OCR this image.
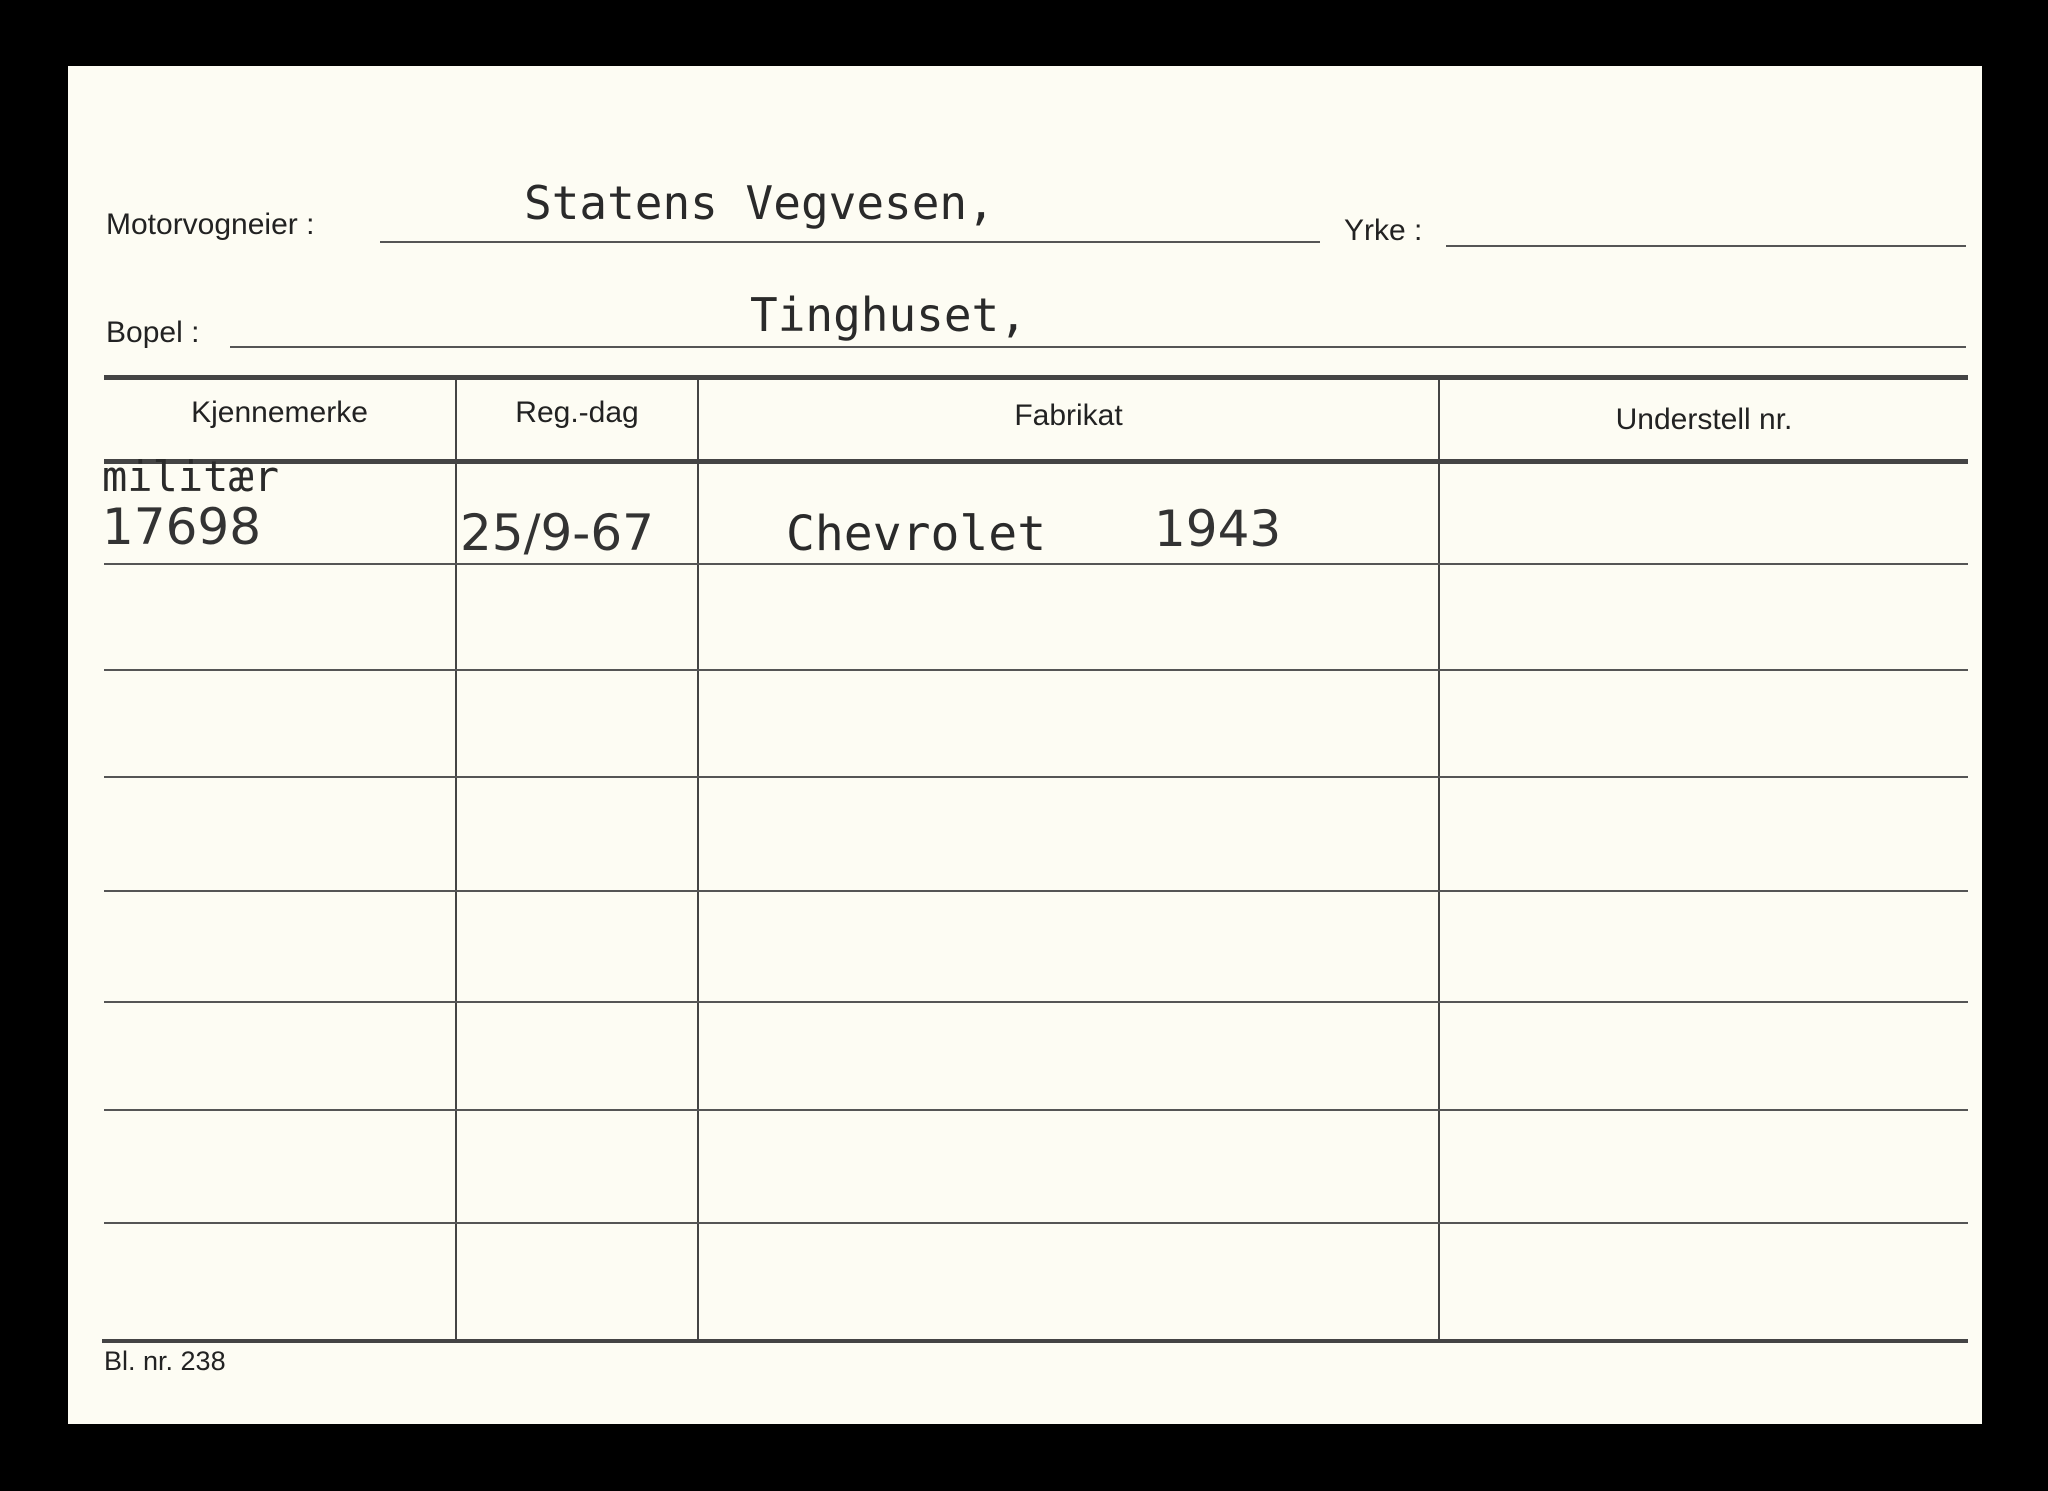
Motorvogneier :	Statens Vegvesen,
Yrke :
Bopel :	Tinghuset,
Kjennemerke	Reg.-dag	Fabrikat	Understell nr.
militær
17698	25/9-67	Chevrolet 1943
Bl. nr. 238
